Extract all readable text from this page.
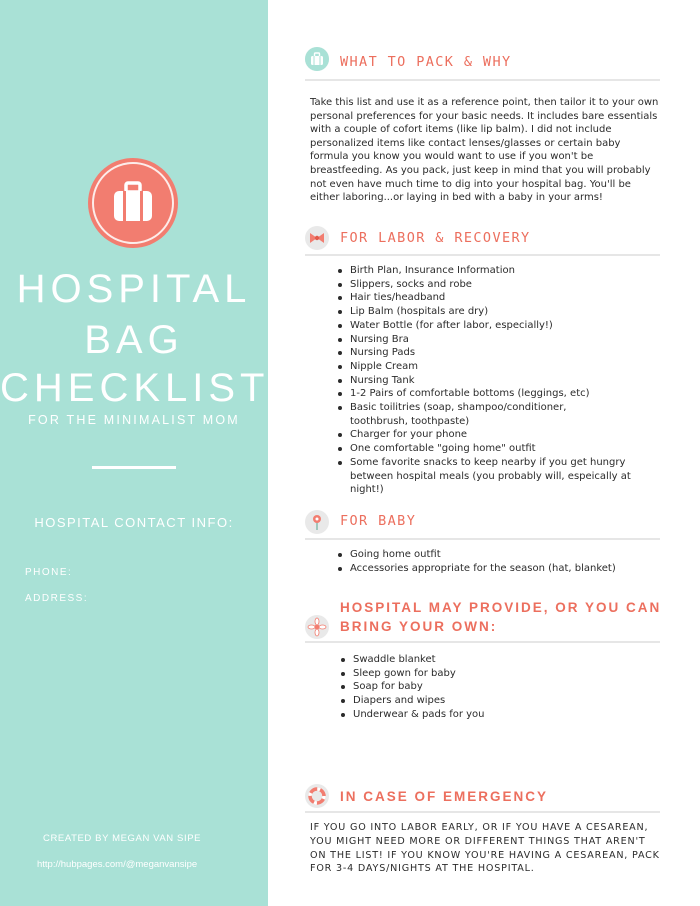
HOSPITAL
BAG
CHECKLIST
FOR THE MINIMALIST MOM
HOSPITAL CONTACT INFO:
PHONE:
ADDRESS:
CREATED BY MEGAN VAN SIPE
http://hubpages.com/@meganvansipe
WHAT TO PACK & WHY
Take this list and use it as a reference point, then tailor it to your own personal preferences for your basic needs. It includes bare essentials with a couple of cofort items (like lip balm). I did not include personalized items like contact lenses/glasses or certain baby formula you know you would want to use if you won't be breastfeeding. As you pack, just keep in mind that you will probably not even have much time to dig into your hospital bag. You'll be either laboring...or laying in bed with a baby in your arms!
FOR LABOR & RECOVERY
Birth Plan, Insurance Information
Slippers, socks and robe
Hair ties/headband
Lip Balm (hospitals are dry)
Water Bottle (for after labor, especially!)
Nursing Bra
Nursing Pads
Nipple Cream
Nursing Tank
1-2 Pairs of comfortable bottoms (leggings, etc)
Basic toilitries (soap, shampoo/conditioner, toothbrush, toothpaste)
Charger for your phone
One comfortable "going home" outfit
Some favorite snacks to keep nearby if you get hungry between hospital meals (you probably will, espeically at night!)
FOR BABY
Going home outfit
Accessories appropriate for the season (hat, blanket)
HOSPITAL MAY PROVIDE, OR YOU CAN
BRING YOUR OWN:
Swaddle blanket
Sleep gown for baby
Soap for baby
Diapers and wipes
Underwear & pads for you
IN CASE OF EMERGENCY
IF YOU GO INTO LABOR EARLY, OR IF YOU HAVE A CESAREAN, YOU MIGHT NEED MORE OR DIFFERENT THINGS THAT AREN'T ON THE LIST! IF YOU KNOW YOU'RE HAVING A CESAREAN, PACK FOR 3-4 DAYS/NIGHTS AT THE HOSPITAL.
